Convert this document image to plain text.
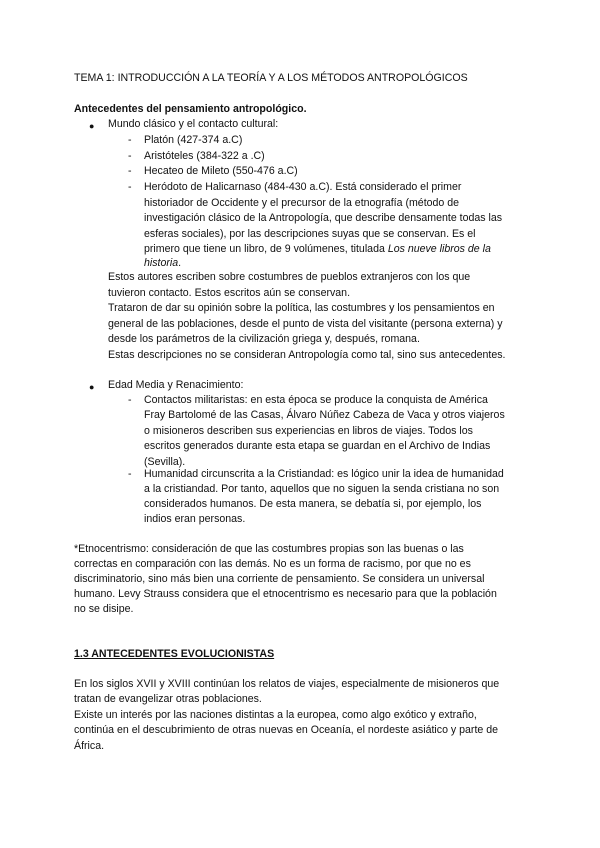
TEMA 1: INTRODUCCIÓN A LA TEORÍA Y A LOS MÉTODOS ANTROPOLÓGICOS
Antecedentes del pensamiento antropológico.
● Mundo clásico y el contacto cultural:
- Platón (427-374 a.C)
- Aristóteles (384-322 a .C)
- Hecateo de Mileto (550-476 a.C)
- Heródoto de Halicarnaso (484-430 a.C). Está considerado el primer
historiador de Occidente y el precursor de la etnografía (método de
investigación clásico de la Antropología, que describe densamente todas las
esferas sociales), por las descripciones suyas que se conservan. Es el
primero que tiene un libro, de 9 volúmenes, titulada Los nueve libros de la
historia.
Estos autores escriben sobre costumbres de pueblos extranjeros con los que
tuvieron contacto. Estos escritos aún se conservan.
Trataron de dar su opinión sobre la política, las costumbres y los pensamientos en
general de las poblaciones, desde el punto de vista del visitante (persona externa) y
desde los parámetros de la civilización griega y, después, romana.
Estas descripciones no se consideran Antropología como tal, sino sus antecedentes.
● Edad Media y Renacimiento:
- Contactos militaristas: en esta época se produce la conquista de América
Fray Bartolomé de las Casas, Álvaro Núñez Cabeza de Vaca y otros viajeros
o misioneros describen sus experiencias en libros de viajes. Todos los
escritos generados durante esta etapa se guardan en el Archivo de Indias
(Sevilla).
- Humanidad circunscrita a la Cristiandad: es lógico unir la idea de humanidad
a la cristiandad. Por tanto, aquellos que no siguen la senda cristiana no son
considerados humanos. De esta manera, se debatía si, por ejemplo, los
indios eran personas.
*Etnocentrismo: consideración de que las costumbres propias son las buenas o las
correctas en comparación con las demás. No es un forma de racismo, por que no es
discriminatorio, sino más bien una corriente de pensamiento. Se considera un universal
humano. Levy Strauss considera que el etnocentrismo es necesario para que la población
no se disipe.
1.3 ANTECEDENTES EVOLUCIONISTAS
En los siglos XVII y XVIII continúan los relatos de viajes, especialmente de misioneros que
tratan de evangelizar otras poblaciones.
Existe un interés por las naciones distintas a la europea, como algo exótico y extraño,
continúa en el descubrimiento de otras nuevas en Oceanía, el nordeste asiático y parte de
África.
